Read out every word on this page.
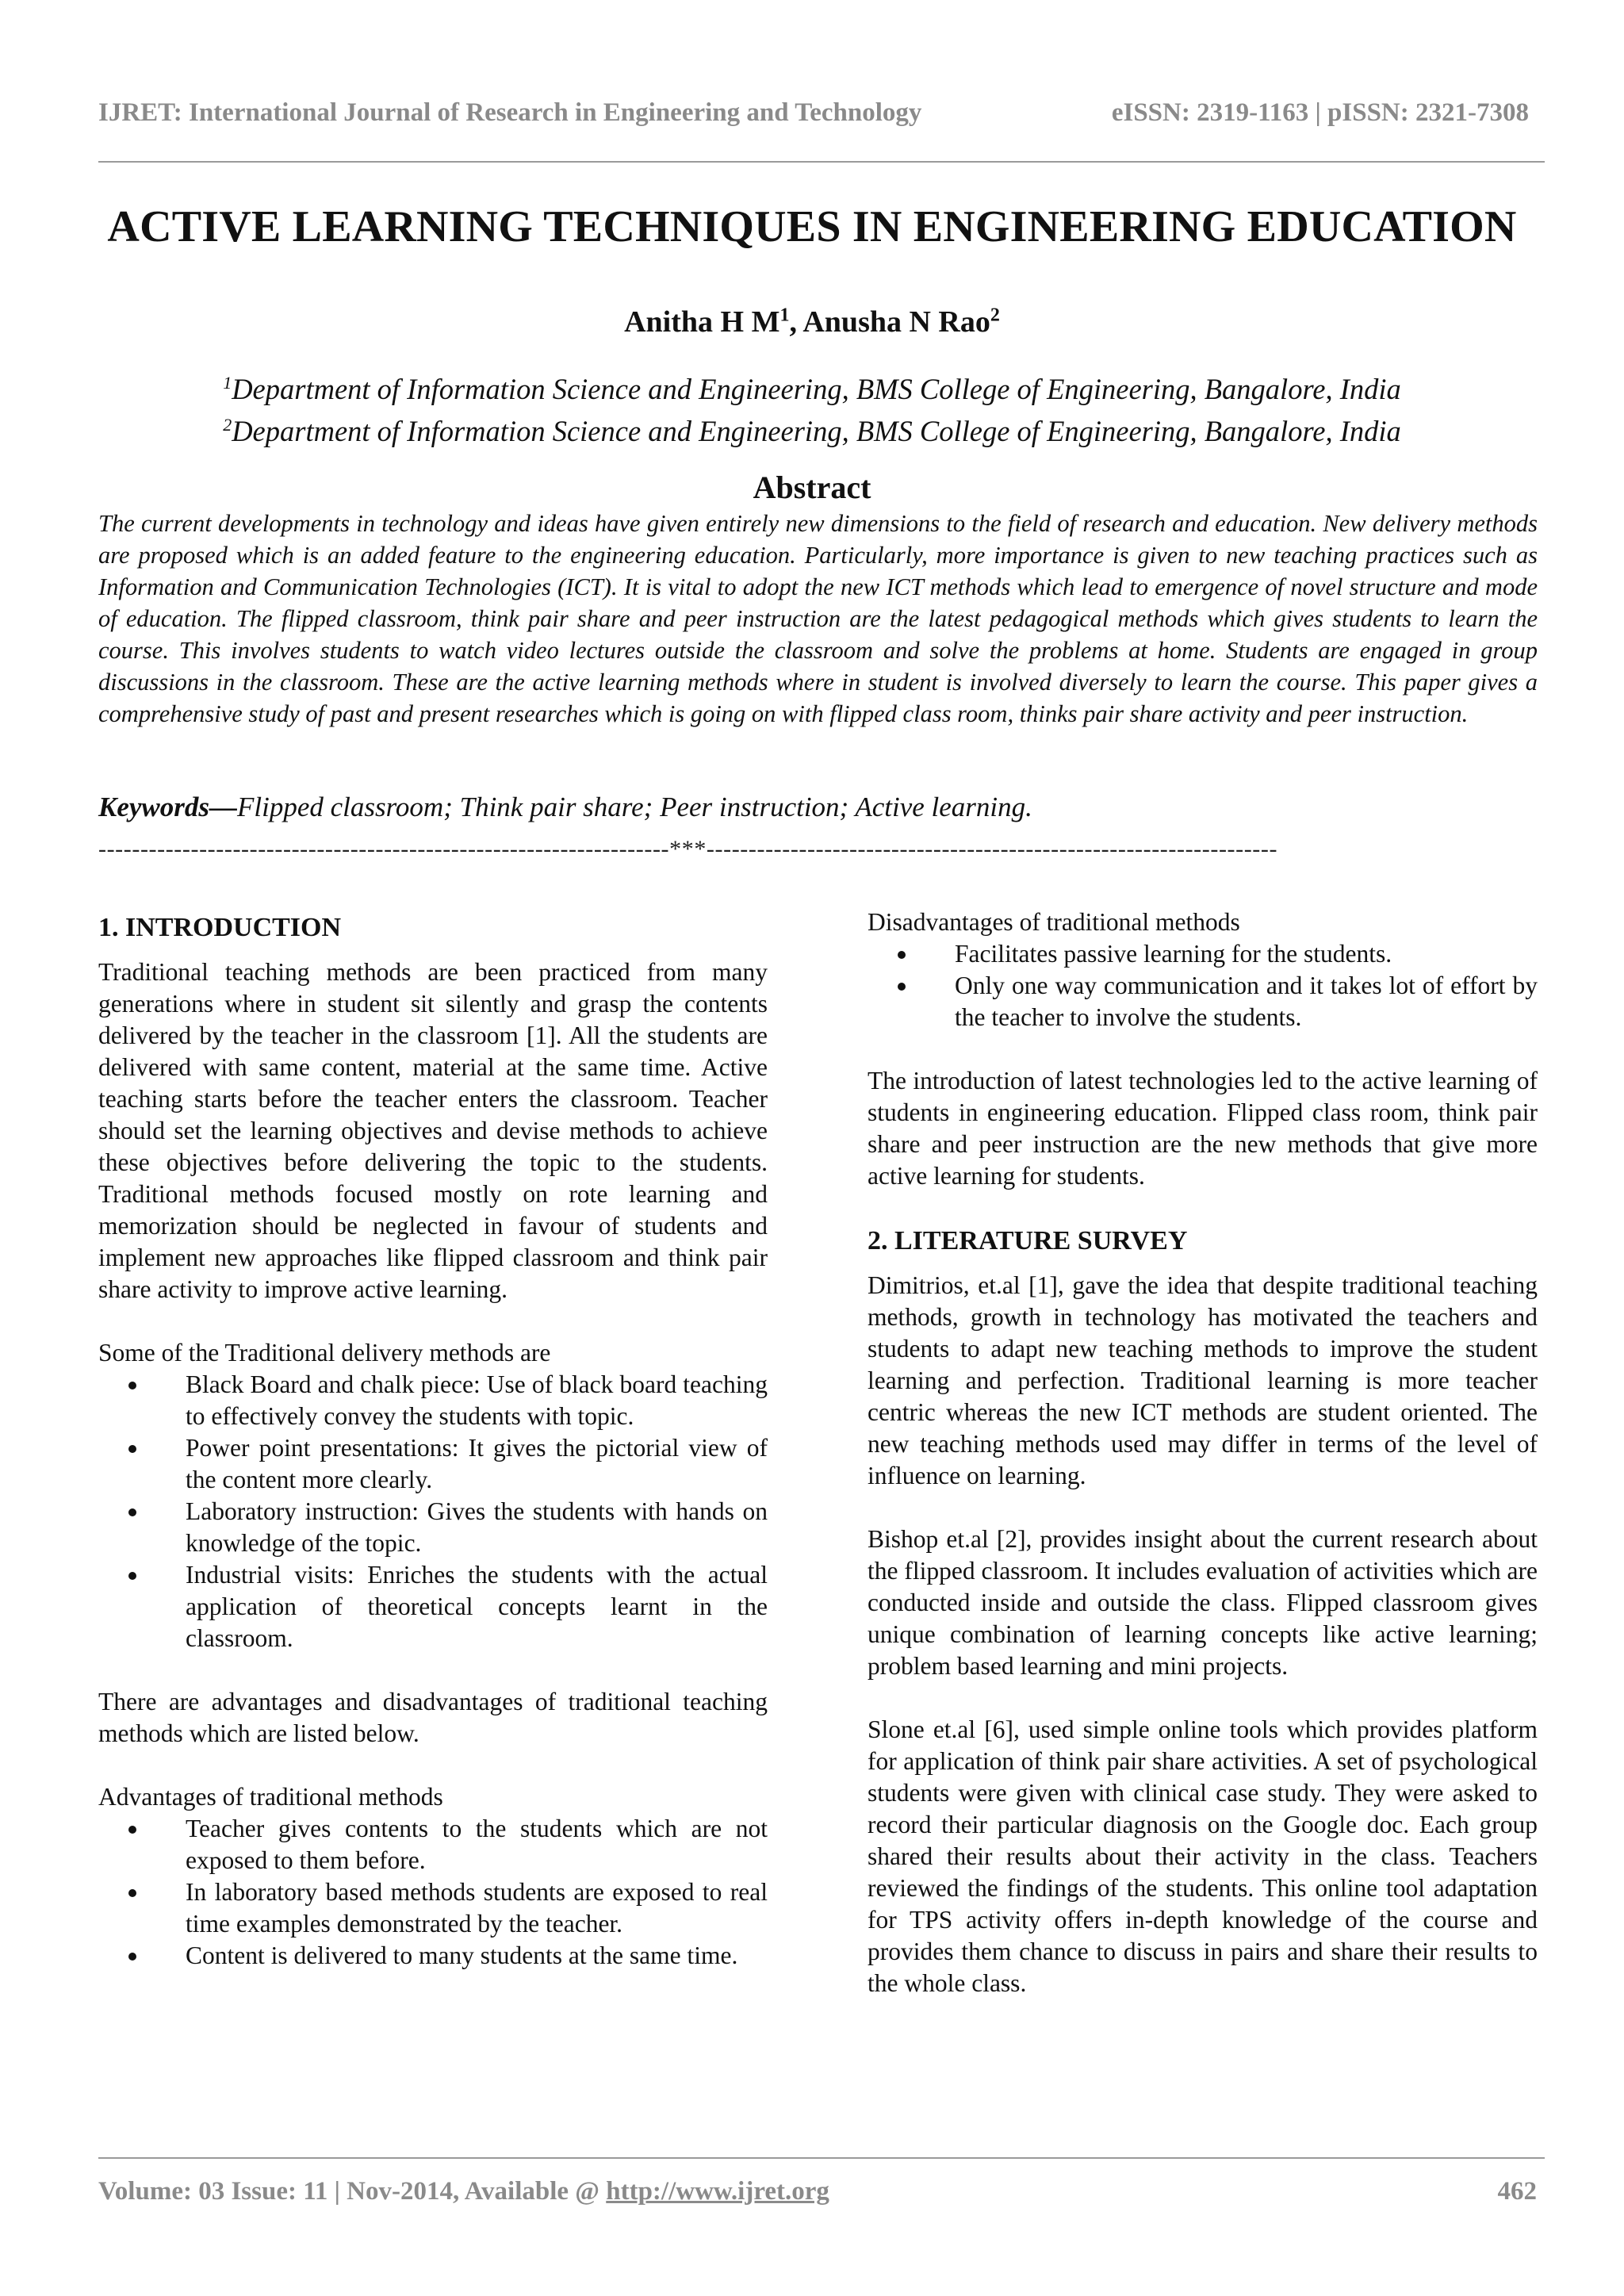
IJRET: International Journal of Research in Engineering and Technology	eISSN: 2319-1163 | pISSN: 2321-7308
ACTIVE LEARNING TECHNIQUES IN ENGINEERING EDUCATION
Anitha H $M^1$, Anusha N Rao$^2$
$^1$Department of Information Science and Engineering, BMS College of Engineering, Bangalore, India
$^2$Department of Information Science and Engineering, BMS College of Engineering, Bangalore, India
Abstract

The current developments in technology and ideas have given entirely new dimensions to the field of research and education. New delivery methods are proposed which is an added feature to the engineering education. Particularly, more importance is given to new teaching practices such as Information and Communication Technologies (ICT). It is vital to adopt the new ICT methods which lead to emergence of novel structure and mode of education. The flipped classroom, think pair share and peer instruction are the latest pedagogical methods which gives students to learn the course. This involves students to watch video lectures outside the classroom and solve the problems at home. Students are engaged in group discussions in the classroom. These are the active learning methods where in student is involved diversely to learn the course. This paper gives a comprehensive study of past and present researches which is going on with flipped class room, thinks pair share activity and peer instruction.

Keywords—Flipped classroom; Think pair share; Peer instruction; Active learning.
--------------------------------------------------------------------***--------------------------------------------------------------------
1. INTRODUCTION

Traditional teaching methods are been practiced from many generations where in student sit silently and grasp the contents delivered by the teacher in the classroom [1]. All the students are delivered with same content, material at the same time. Active teaching starts before the teacher enters the classroom. Teacher should set the learning objectives and devise methods to achieve these objectives before delivering the topic to the students. Traditional methods focused mostly on rote learning and memorization should be neglected in favour of students and implement new approaches like flipped classroom and think pair share activity to improve active learning.

Some of the Traditional delivery methods are

Black Board and chalk piece: Use of black board teaching to effectively convey the students with topic.
Power point presentations: It gives the pictorial view of the content more clearly.
Laboratory instruction: Gives the students with hands on knowledge of the topic.
Industrial visits: Enriches the students with the actual application of theoretical concepts learnt in the classroom.

There are advantages and disadvantages of traditional teaching methods which are listed below.

Advantages of traditional methods

Teacher gives contents to the students which are not exposed to them before.
In laboratory based methods students are exposed to real time examples demonstrated by the teacher.
Content is delivered to many students at the same time.

Disadvantages of traditional methods

Facilitates passive learning for the students.
Only one way communication and it takes lot of effort by the teacher to involve the students.

The introduction of latest technologies led to the active learning of students in engineering education. Flipped class room, think pair share and peer instruction are the new methods that give more active learning for students.

2. LITERATURE SURVEY

Dimitrios, et.al [1], gave the idea that despite traditional teaching methods, growth in technology has motivated the teachers and students to adapt new teaching methods to improve the student learning and perfection. Traditional learning is more teacher centric whereas the new ICT methods are student oriented. The new teaching methods used may differ in terms of the level of influence on learning.

Bishop et.al [2], provides insight about the current research about the flipped classroom. It includes evaluation of activities which are conducted inside and outside the class. Flipped classroom gives unique combination of learning concepts like active learning; problem based learning and mini projects.

Slone et.al [6], used simple online tools which provides platform for application of think pair share activities. A set of psychological students were given with clinical case study. They were asked to record their particular diagnosis on the Google doc. Each group shared their results about their activity in the class. Teachers reviewed the findings of the students. This online tool adaptation for TPS activity offers in-depth knowledge of the course and provides them chance to discuss in pairs and share their results to the whole class.

Volume: 03 Issue: 11 | Nov-2014, Available @ http://www.ijret.org	462
